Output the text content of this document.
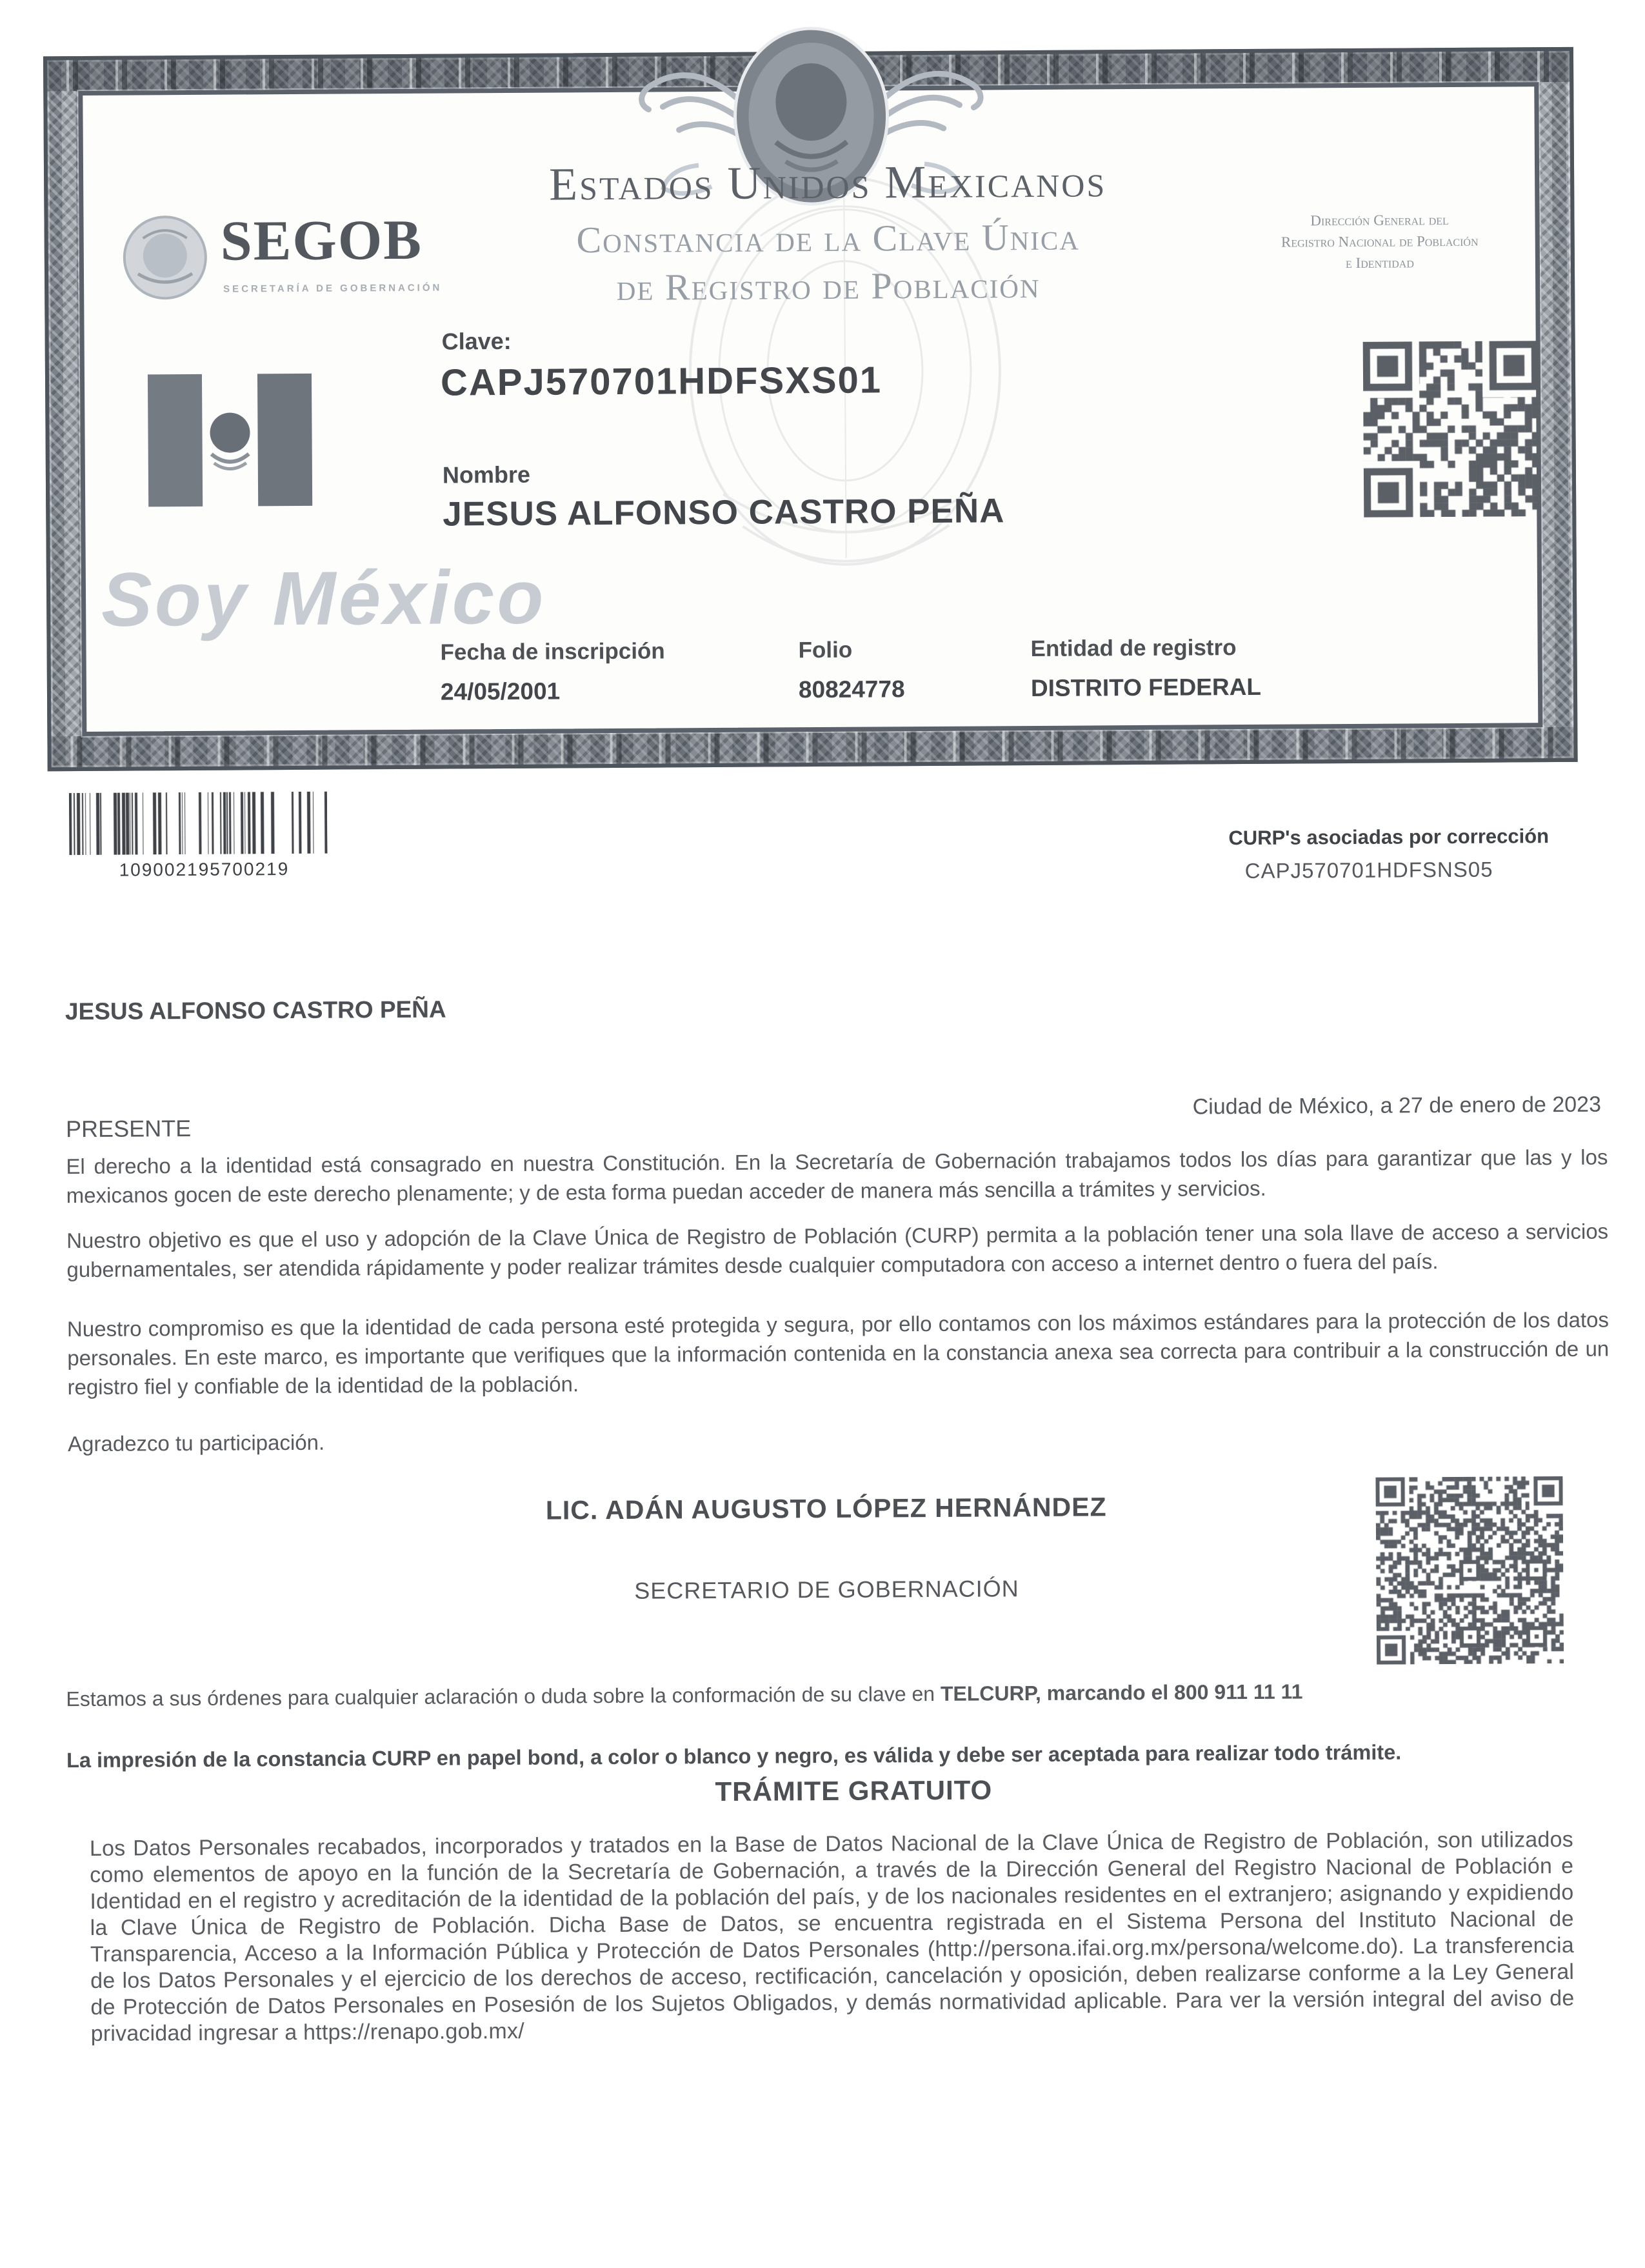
SEGOB
SECRETARÍA DE GOBERNACIÓN
Estados Unidos Mexicanos
Constancia de la Clave Única
de Registro de Población
Dirección General del
Registro Nacional de Población
e Identidad
Soy México
Clave:
CAPJ570701HDFSXS01
Nombre
JESUS ALFONSO CASTRO PEÑA
Fecha de inscripción
24/05/2001
Folio
80824778
Entidad de registro
DISTRITO FEDERAL
109002195700219
CURP's asociadas por corrección
CAPJ570701HDFSNS05
JESUS ALFONSO CASTRO PEÑA
PRESENTE
Ciudad de México, a 27 de enero de 2023
El derecho a la identidad está consagrado en nuestra Constitución. En la Secretaría de Gobernación trabajamos todos los días para garantizar que las y los mexicanos gocen de este derecho plenamente; y de esta forma puedan acceder de manera más sencilla a trámites y servicios.
Nuestro objetivo es que el uso y adopción de la Clave Única de Registro de Población (CURP) permita a la población tener una sola llave de acceso a servicios gubernamentales, ser atendida rápidamente y poder realizar trámites desde cualquier computadora con acceso a internet dentro o fuera del país.
Nuestro compromiso es que la identidad de cada persona esté protegida y segura, por ello contamos con los máximos estándares para la protección de los datos personales. En este marco, es importante que verifiques que la información contenida en la constancia anexa sea correcta para contribuir a la construcción de un registro fiel y confiable de la identidad de la población.
Agradezco tu participación.
LIC. ADÁN AUGUSTO LÓPEZ HERNÁNDEZ
SECRETARIO DE GOBERNACIÓN
Estamos a sus órdenes para cualquier aclaración o duda sobre la conformación de su clave en TELCURP, marcando el 800 911 11 11
La impresión de la constancia CURP en papel bond, a color o blanco y negro, es válida y debe ser aceptada para realizar todo trámite.
TRÁMITE GRATUITO
Los Datos Personales recabados, incorporados y tratados en la Base de Datos Nacional de la Clave Única de Registro de Población, son utilizados como elementos de apoyo en la función de la Secretaría de Gobernación, a través de la Dirección General del Registro Nacional de Población e Identidad en el registro y acreditación de la identidad de la población del país, y de los nacionales residentes en el extranjero; asignando y expidiendo la Clave Única de Registro de Población. Dicha Base de Datos, se encuentra registrada en el Sistema Persona del Instituto Nacional de Transparencia, Acceso a la Información Pública y Protección de Datos Personales (http://persona.ifai.org.mx/persona/welcome.do). La transferencia de los Datos Personales y el ejercicio de los derechos de acceso, rectificación, cancelación y oposición, deben realizarse conforme a la Ley General de Protección de Datos Personales en Posesión de los Sujetos Obligados, y demás normatividad aplicable. Para ver la versión integral del aviso de privacidad ingresar a https://renapo.gob.mx/
